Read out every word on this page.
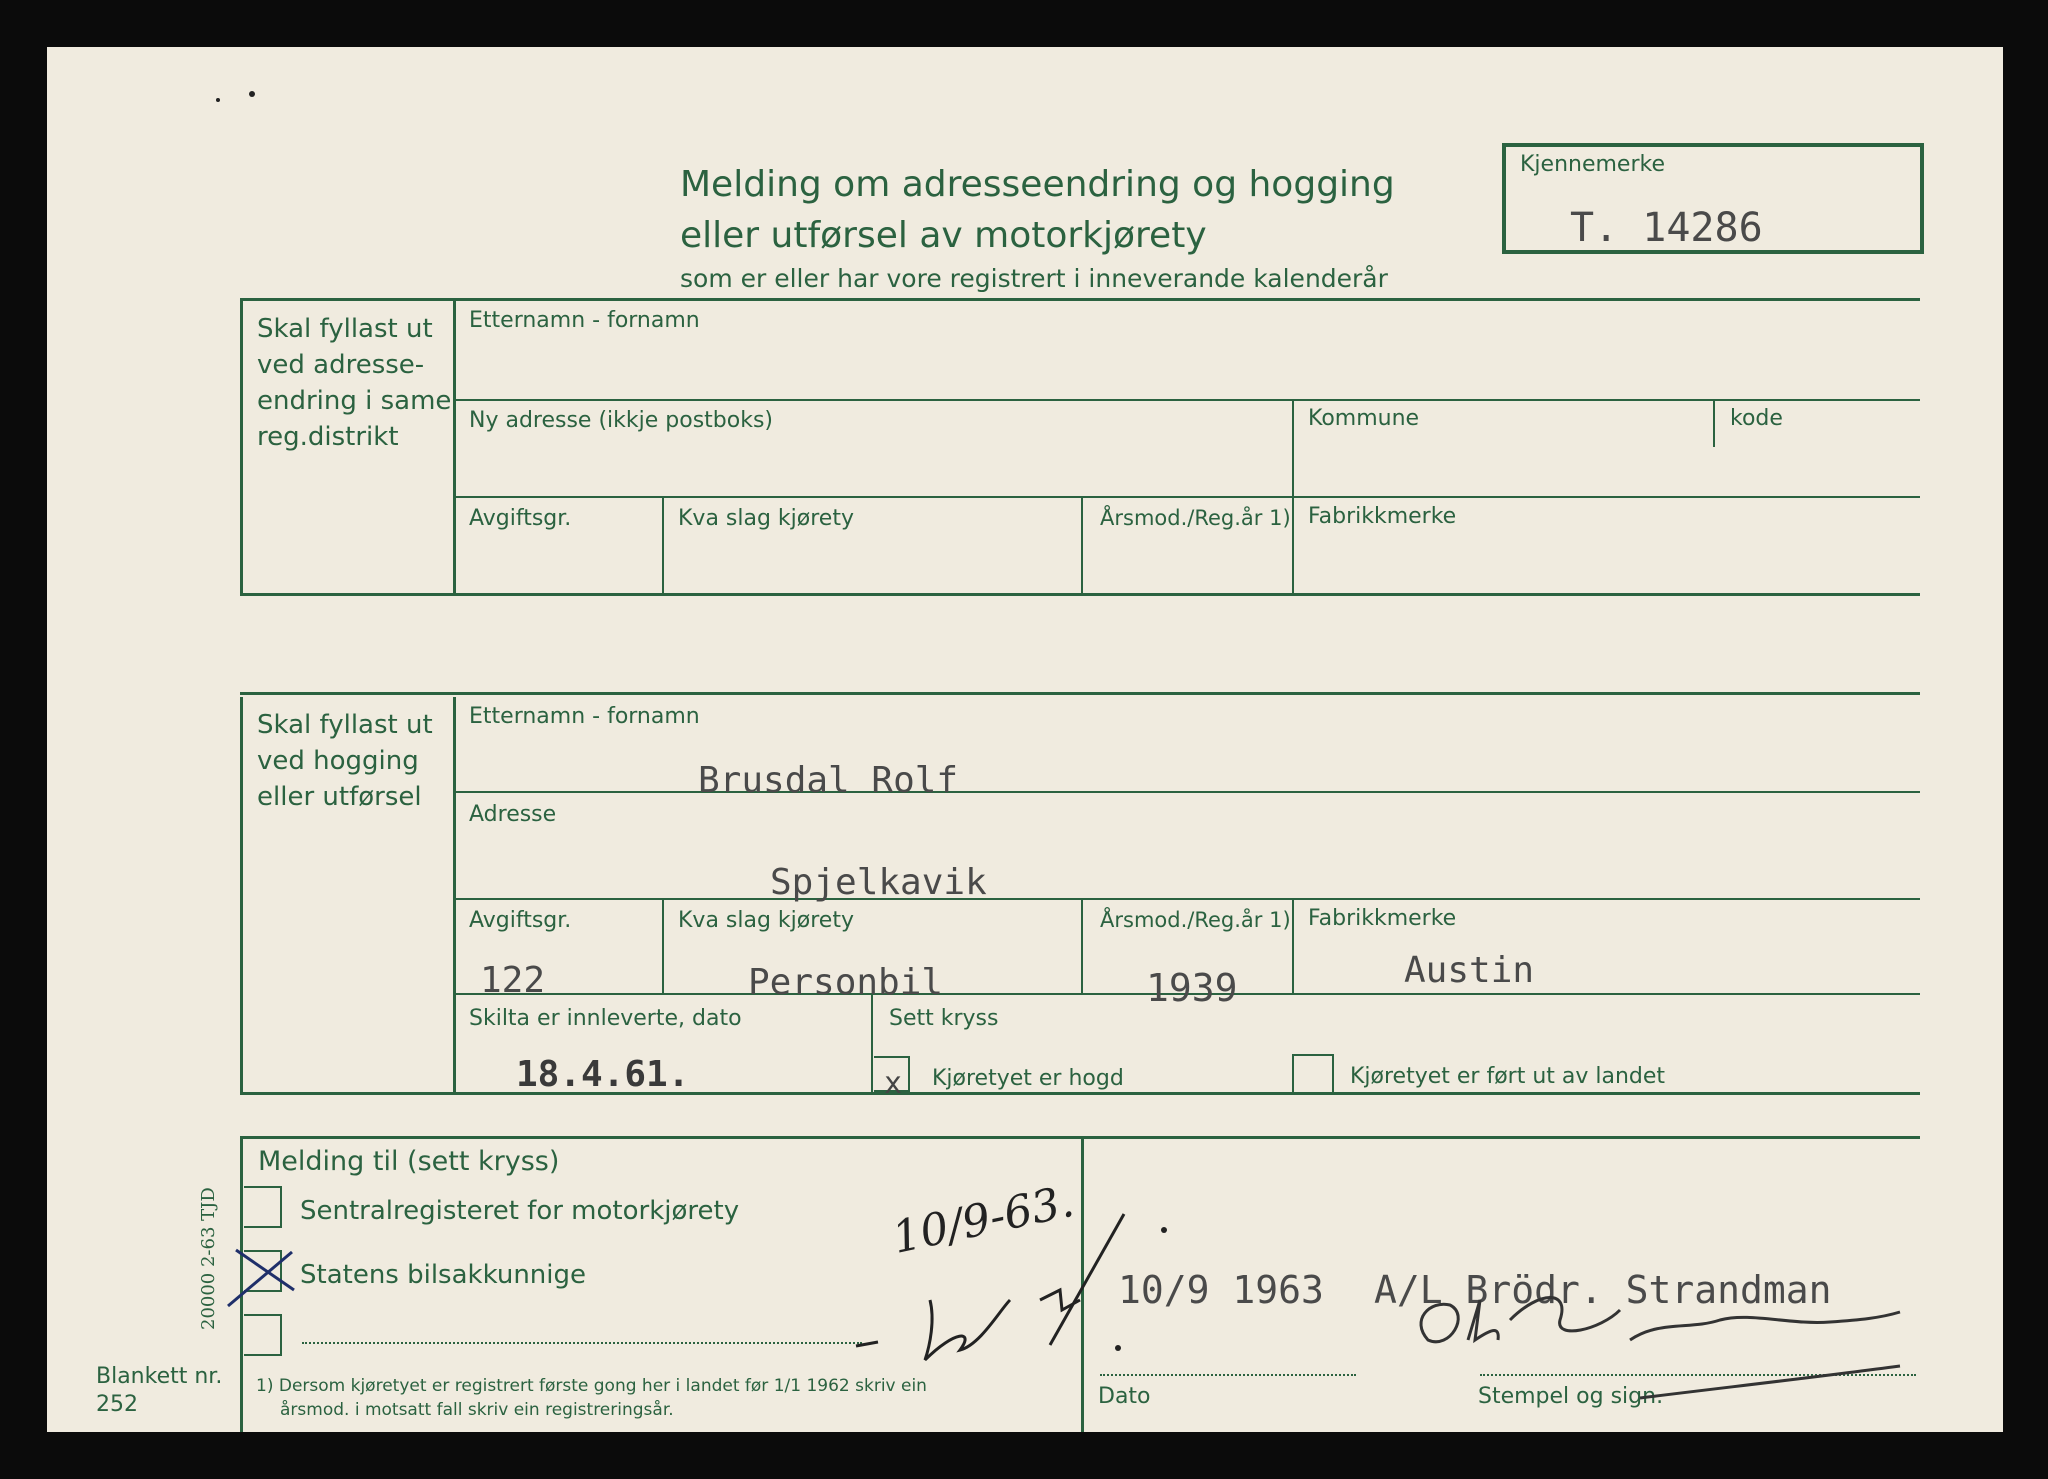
Melding om adresseendring og hogging
eller utførsel av motorkjørety
som er eller har vore registrert i inneverande kalenderår
Kjennemerke
T. 14286
Skal fyllast ut
ved adresse-
endring i same
reg.distrikt
Etternamn - fornamn
Ny adresse (ikkje postboks)	Kommune	kode
Avgiftsgr.	Kva slag kjørety	Årsmod./Reg.år 1) Fabrikkmerke
Skal fyllast ut
ved hogging
eller utførsel
Etternamn - fornamn
Brusdal Rolf
Adresse
Spjelkavik
Avgiftsgr.
122
Kva slag kjørety
Personbil
Årsmod./Reg.år 1)
1939
Fabrikkmerke
Austin
Skilta er innleverte, dato
18.4.61.
Sett kryss
x Kjøretyet er hogd	Kjøretyet er ført ut av landet
20000 2-63 TJD
Melding til (sett kryss)
Sentralregisteret for motorkjørety
Statens bilsakkunnige
1) Dersom kjøretyet er registrert første gong her i landet før 1/1 1962 skriv ein
årsmod. i motsatt fall skriv ein registreringsår.
Blankett nr.
252
10/9-63.
10/9 1963 A/L Brödr. Strandman
Dato	Stempel og sign.
